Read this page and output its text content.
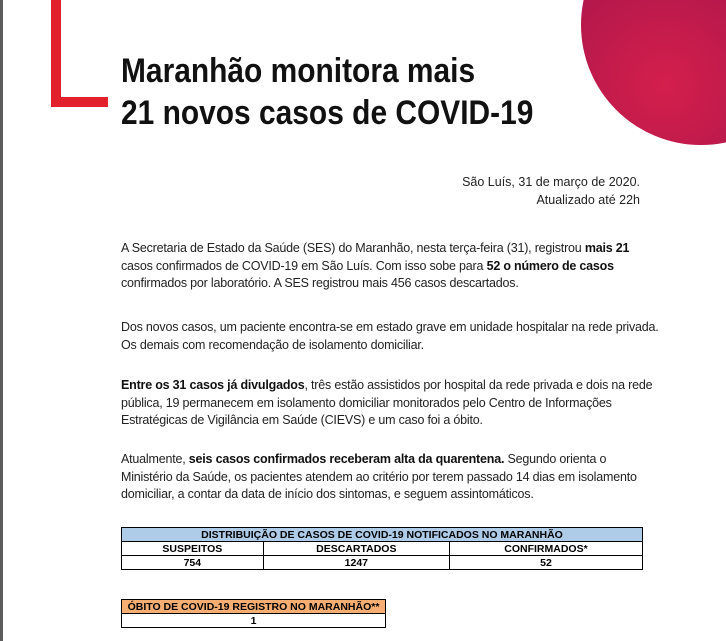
Maranhão monitora mais
21 novos casos de COVID-19
São Luís, 31 de março de 2020.
Atualizado até 22h

A Secretaria de Estado da Saúde (SES) do Maranhão, nesta terça-feira (31), registrou mais 21 casos confirmados de COVID-19 em São Luís. Com isso sobe para 52 o número de casos confirmados por laboratório. A SES registrou mais 456 casos descartados.

Dos novos casos, um paciente encontra-se em estado grave em unidade hospitalar na rede privada. Os demais com recomendação de isolamento domiciliar.

Entre os 31 casos já divulgados, três estão assistidos por hospital da rede privada e dois na rede pública, 19 permanecem em isolamento domiciliar monitorados pelo Centro de Informações Estratégicas de Vigilância em Saúde (CIEVS) e um caso foi a óbito.

Atualmente, seis casos confirmados receberam alta da quarentena. Segundo orienta o Ministério da Saúde, os pacientes atendem ao critério por terem passado 14 dias em isolamento domiciliar, a contar da data de início dos sintomas, e seguem assintomáticos.

DISTRIBUIÇÃO DE CASOS DE COVID-19 NOTIFICADOS NO MARANHÃO		
SUSPEITOS	DESCARTADOS	CONFIRMADOS*
754	1247	52
ÓBITO DE COVID-19 REGISTRO NO MARANHÃO**
1
